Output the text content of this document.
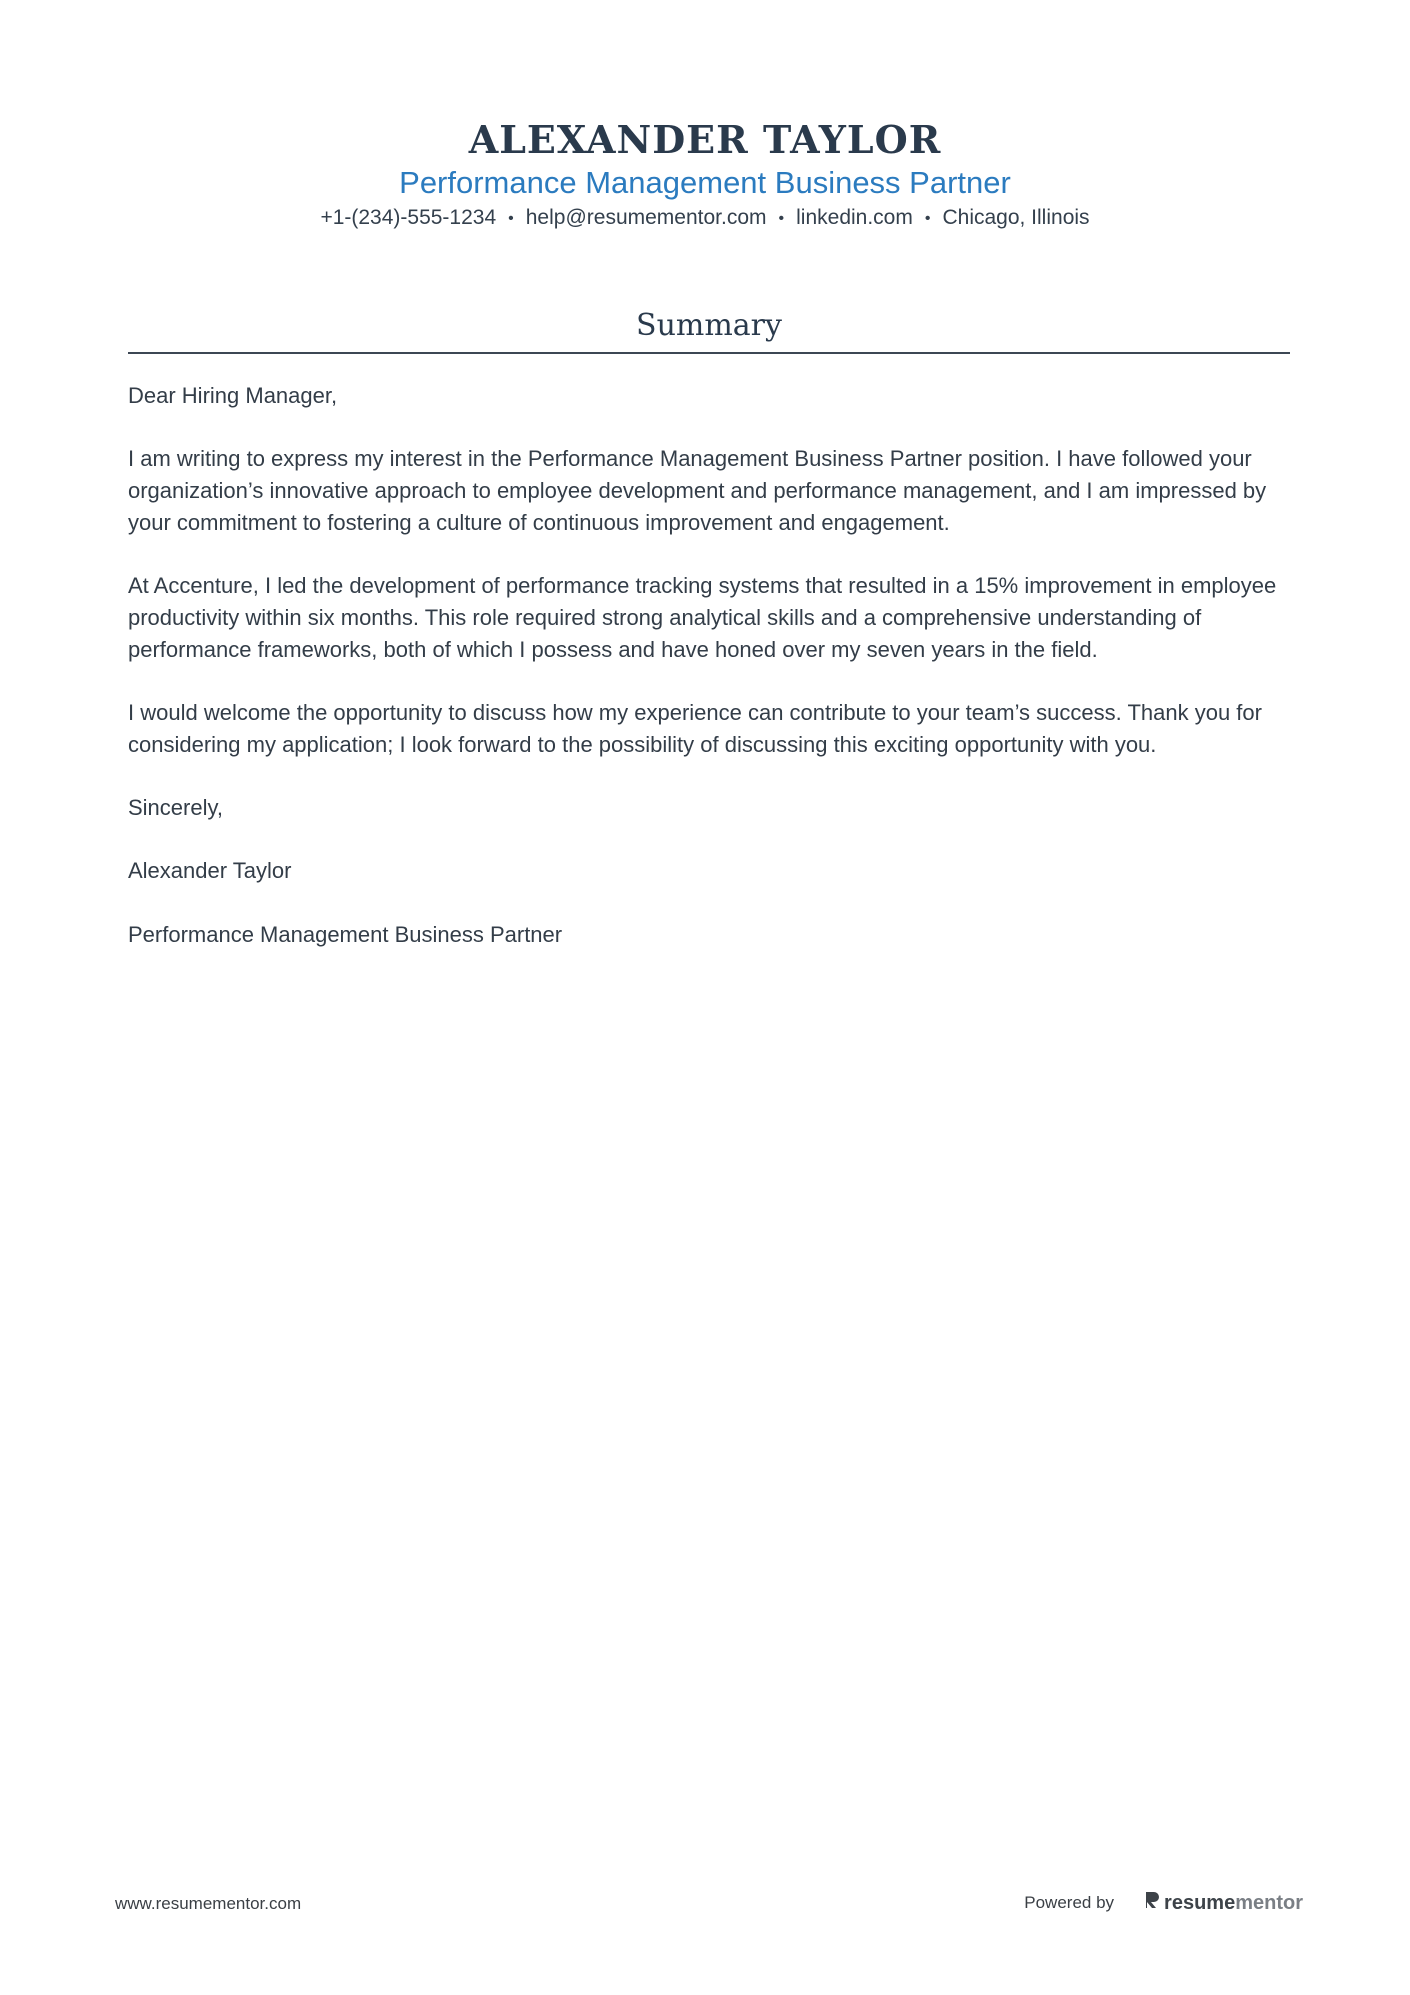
ALEXANDER TAYLOR
Performance Management Business Partner
+1-(234)-555-1234 • help@resumementor.com • linkedin.com • Chicago, Illinois
Summary

Dear Hiring Manager,

I am writing to express my interest in the Performance Management Business Partner position. I have followed your organization’s innovative approach to employee development and performance management, and I am impressed by your commitment to fostering a culture of continuous improvement and engagement.

At Accenture, I led the development of performance tracking systems that resulted in a 15% improvement in employee productivity within six months. This role required strong analytical skills and a comprehensive understanding of performance frameworks, both of which I possess and have honed over my seven years in the field.

I would welcome the opportunity to discuss how my experience can contribute to your team’s success. Thank you for considering my application; I look forward to the possibility of discussing this exciting opportunity with you.

Sincerely,

Alexander Taylor

Performance Management Business Partner

www.resumementor.com	Powered by	resume mentor
